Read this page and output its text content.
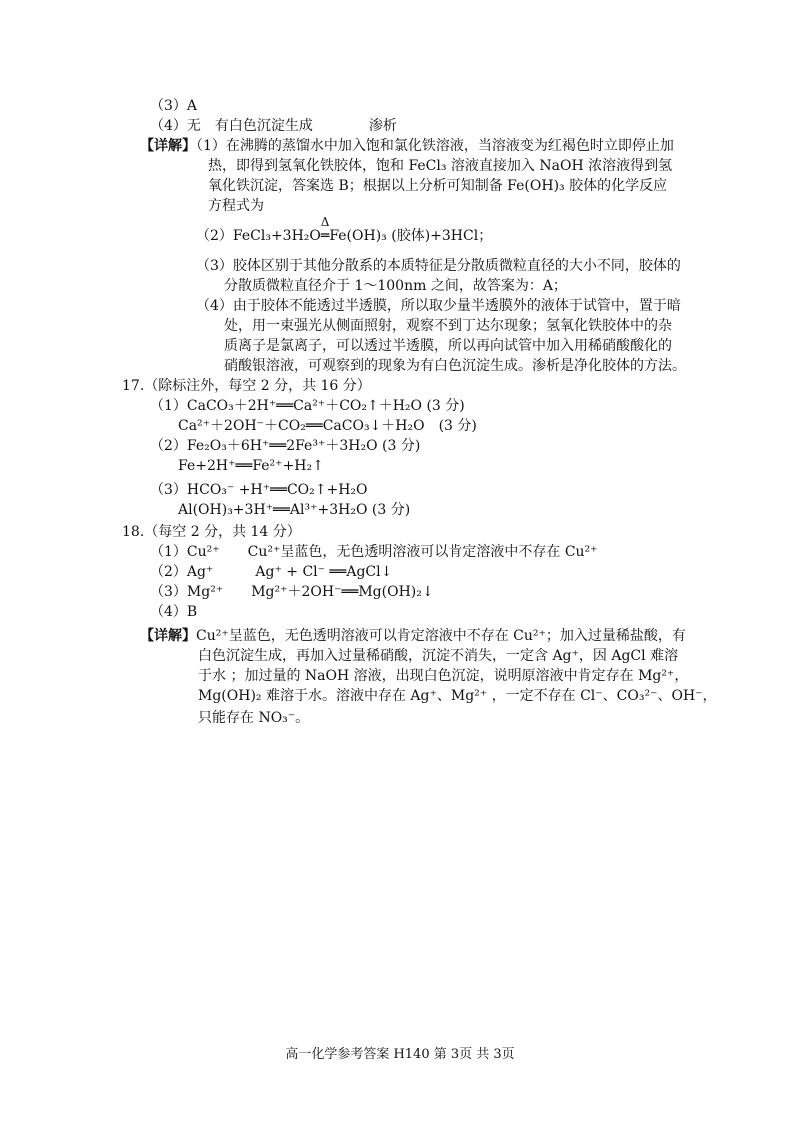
（3）A
（4）无　有白色沉淀生成　　　　渗析
【详解】（1）在沸腾的蒸馏水中加入饱和氯化铁溶液，当溶液变为红褐色时立即停止加
热，即得到氢氧化铁胶体，饱和 FeCl₃ 溶液直接加入 NaOH 浓溶液得到氢
氧化铁沉淀，答案选 B；根据以上分析可知制备 Fe(OH)₃ 胶体的化学反应
方程式为
（2）FeCl₃+3H₂O
Δ
═Fe(OH)₃ (胶体)+3HCl；
（3）胶体区别于其他分散系的本质特征是分散质微粒直径的大小不同，胶体的
分散质微粒直径介于 1～100nm 之间，故答案为：A；
（4）由于胶体不能透过半透膜，所以取少量半透膜外的液体于试管中，置于暗
处，用一束强光从侧面照射，观察不到丁达尔现象；氢氧化铁胶体中的杂
质离子是氯离子，可以透过半透膜，所以再向试管中加入用稀硝酸酸化的
硝酸银溶液，可观察到的现象为有白色沉淀生成。渗析是净化胶体的方法。
17.（除标注外，每空 2 分，共 16 分）
（1）CaCO₃＋2H⁺══Ca²⁺＋CO₂↑＋H₂O (3 分)
Ca²⁺＋2OH⁻＋CO₂══CaCO₃↓＋H₂O　(3 分)
（2）Fe₂O₃＋6H⁺══2Fe³⁺＋3H₂O (3 分)
Fe+2H⁺══Fe²⁺+H₂↑
（3）HCO₃⁻ +H⁺══CO₂↑+H₂O
Al(OH)₃+3H⁺══Al³⁺+3H₂O (3 分)
18.（每空 2 分，共 14 分）
（1）Cu²⁺　　Cu²⁺呈蓝色，无色透明溶液可以肯定溶液中不存在 Cu²⁺
（2）Ag⁺　　　Ag⁺ + Cl⁻ ══AgCl↓
（3）Mg²⁺　　Mg²⁺＋2OH⁻══Mg(OH)₂↓
（4）B
【详解】Cu²⁺呈蓝色，无色透明溶液可以肯定溶液中不存在 Cu²⁺；加入过量稀盐酸，有
白色沉淀生成，再加入过量稀硝酸，沉淀不消失，一定含 Ag⁺，因 AgCl 难溶
于水 ；加过量的 NaOH 溶液，出现白色沉淀，说明原溶液中肯定存在 Mg²⁺，
Mg(OH)₂ 难溶于水。溶液中存在 Ag⁺、Mg²⁺ ，一定不存在 Cl⁻、CO₃²⁻、OH⁻，
只能存在 NO₃⁻。
高一化学参考答案 H140 第 3页 共 3页
